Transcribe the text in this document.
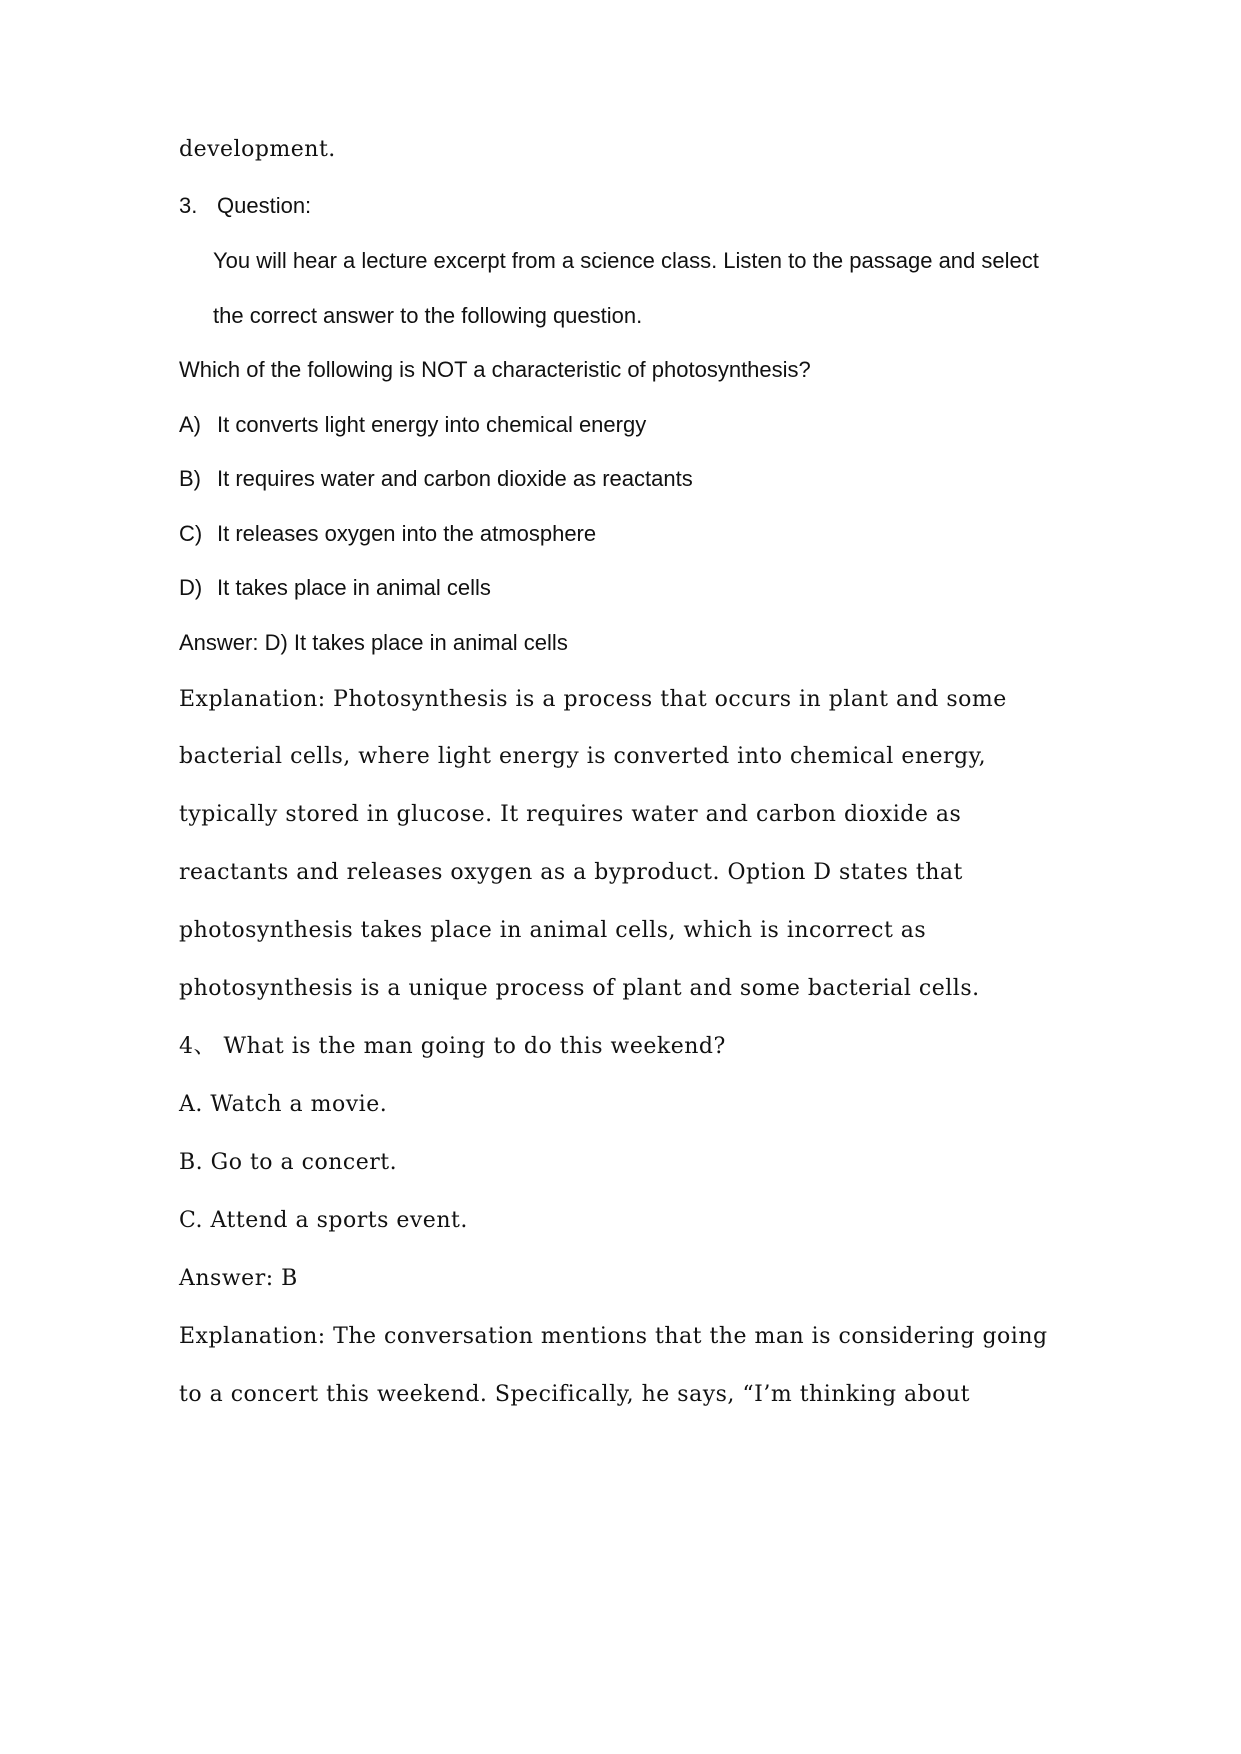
development.
3. Question:
You will hear a lecture excerpt from a science class. Listen to the passage and select
the correct answer to the following question.
Which of the following is NOT a characteristic of photosynthesis?
A) It converts light energy into chemical energy
B) It requires water and carbon dioxide as reactants
C) It releases oxygen into the atmosphere
D) It takes place in animal cells
Answer: D) It takes place in animal cells
Explanation: Photosynthesis is a process that occurs in plant and some
bacterial cells, where light energy is converted into chemical energy,
typically stored in glucose. It requires water and carbon dioxide as
reactants and releases oxygen as a byproduct. Option D states that
photosynthesis takes place in animal cells, which is incorrect as
photosynthesis is a unique process of plant and some bacterial cells.
4、 What is the man going to do this weekend?
A. Watch a movie.
B. Go to a concert.
C. Attend a sports event.
Answer: B
Explanation: The conversation mentions that the man is considering going
to a concert this weekend. Specifically, he says, “I’m thinking about
